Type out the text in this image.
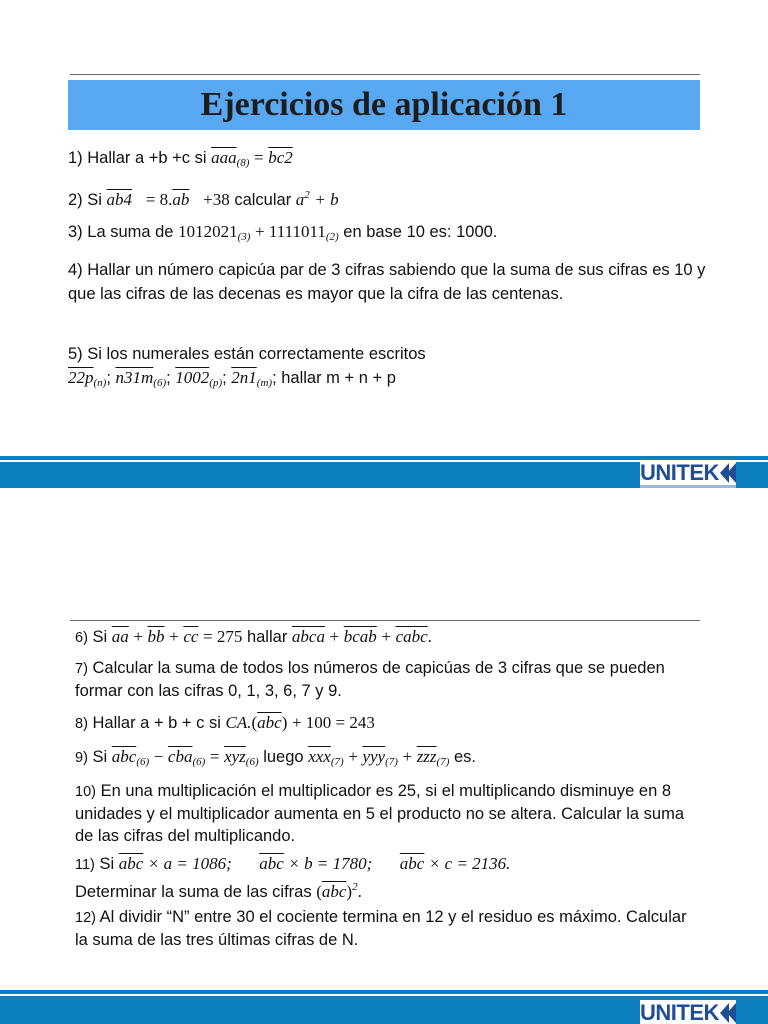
Ejercicios de aplicación 1
1) Hallar a +b +c si $\overline{aaa}_{(8)} = bc2$
2) Si $ab4 = 8.\overline{ab} +38$ calcular $a^2 + b$
3) La suma de $1012021_{(3)} + 1111011_{(2)}$ en base 10 es: 1000.
4) Hallar un número capicúa par de 3 cifras sabiendo que la suma de sus cifras es 10 y que las cifras de las decenas es mayor que la cifra de las centenas.
5) Si los numerales están correctamente escritos
$22p_{(n)}$; $n31m_{(6)}$; $1002_{(p)}$; $2n1_{(m)}$; hallar m + n + p
6) Si $\overline{aa} + \overline{bb} + \overline{cc} = 275$ hallar abca + bcab + cabc.
7) Calcular la suma de todos los números de capicúas de 3 cifras que se pueden formar con las cifras 0, 1, 3, 6, 7 y 9.
8) Hallar a + b + c si $CA.(\overline{abc}) + 100 = 243$
9) Si $\overline{abc}_{(6)} - \overline{cba}_{(6)} = \overline{xyz}_{(6)}$ luego $\overline{xxx}_{(7)} + \overline{yyy}_{(7)} + \overline{zzz}_{(7)}$ es.
10) En una multiplicación el multiplicador es 25, si el multiplicando disminuye en 8 unidades y el multiplicador aumenta en 5 el producto no se altera. Calcular la suma de las cifras del multiplicando.
11) Si $\overline{abc} \times a = 1086$; $\overline{abc} \times b = 1780$; $\overline{abc} \times c = 2136$.
Determinar la suma de las cifras $(\overline{abc})^2$.
12) Al dividir “N” entre 30 el cociente termina en 12 y el residuo es máximo. Calcular la suma de las tres últimas cifras de N.
UNITEK
UNITEK
